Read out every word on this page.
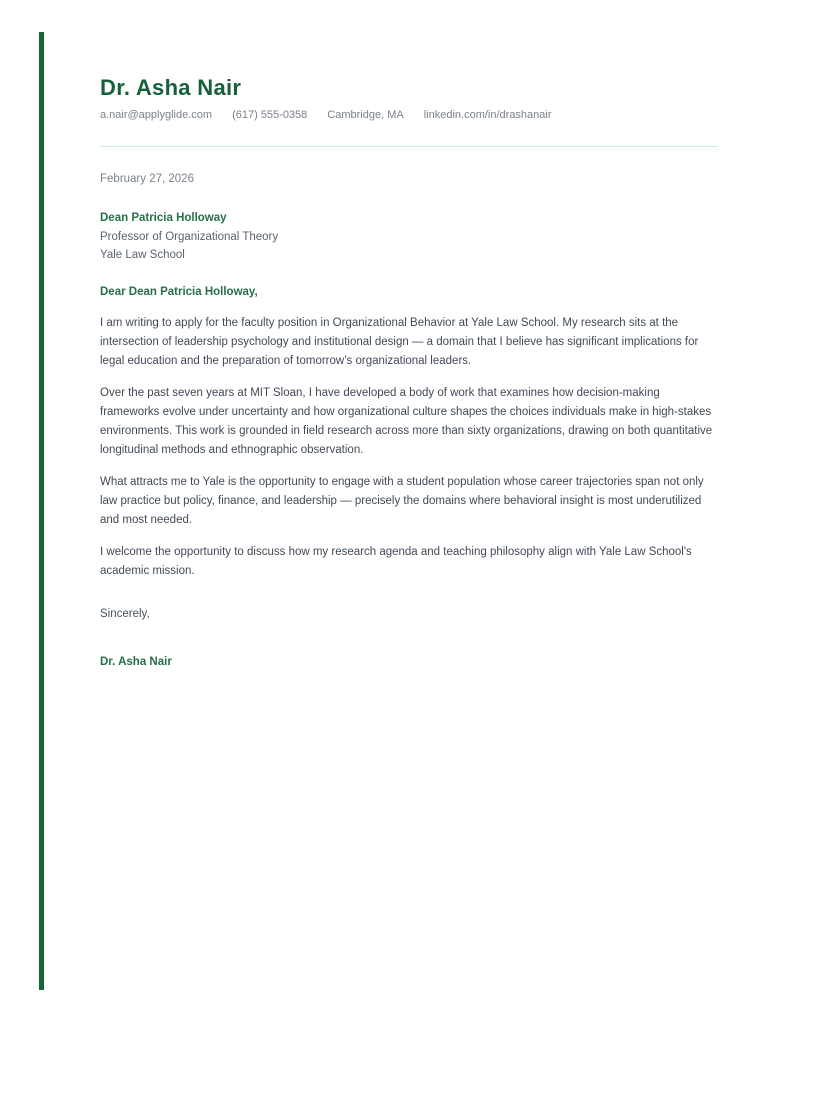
Dr. Asha Nair
a.nair@applyglide.com (617) 555-0358 Cambridge, MA linkedin.com/in/drashanair
February 27, 2026
Dean Patricia Holloway
Professor of Organizational Theory
Yale Law School
Dear Dean Patricia Holloway,

I am writing to apply for the faculty position in Organizational Behavior at Yale Law School. My research sits at the intersection of leadership psychology and institutional design — a domain that I believe has significant implications for legal education and the preparation of tomorrow’s organizational leaders.

Over the past seven years at MIT Sloan, I have developed a body of work that examines how decision-making frameworks evolve under uncertainty and how organizational culture shapes the choices individuals make in high-stakes environments. This work is grounded in field research across more than sixty organizations, drawing on both quantitative longitudinal methods and ethnographic observation.

What attracts me to Yale is the opportunity to engage with a student population whose career trajectories span not only law practice but policy, finance, and leadership — precisely the domains where behavioral insight is most underutilized and most needed.

I welcome the opportunity to discuss how my research agenda and teaching philosophy align with Yale Law School's academic mission.

Sincerely,
Dr. Asha Nair
